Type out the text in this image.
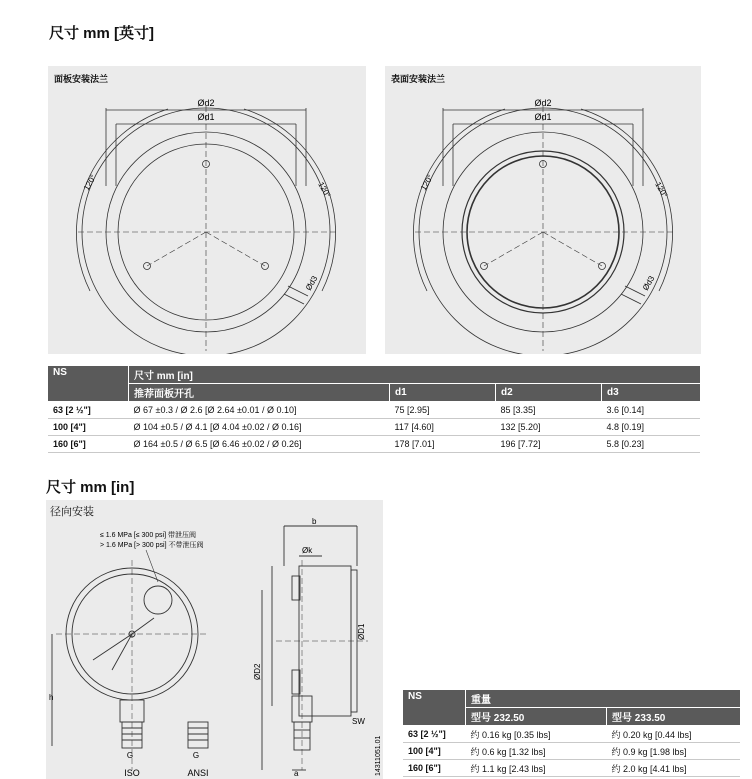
尺寸 mm [英寸]
面板安装法兰
Ød2
Ød1
120°	120°
Ød3
表面安装法兰
Ød2
Ød1
120°	120°
Ød3
NS	尺寸 mm [in]			
	推荐面板开孔	d1	d2	d3
63 [2 ½"]	Ø 67 ±0.3 / Ø 2.6 [Ø 2.64 ±0.01 / Ø 0.10]	75 [2.95]	85 [3.35]	3.6 [0.14]
100 [4"]	Ø 104 ±0.5 / Ø 4.1 [Ø 4.04 ±0.02 / Ø 0.16]	117 [4.60]	132 [5.20]	4.8 [0.19]
160 [6"]	Ø 164 ±0.5 / Ø 6.5 [Ø 6.46 ±0.02 / Ø 0.26]	178 [7.01]	196 [7.72]	5.8 [0.23]
尺寸 mm [in]
径向安装
≤ 1.6 MPa [≤ 300 psi] 带泄压阀
> 1.6 MPa [> 300 psi] 不带泄压阀
h
b
Øk
ØD1
ØD2
SW
a
G
ISO
G
ANSI	14311051.01
NS	重量	
	型号 232.50	型号 233.50
63 [2 ½"]	约 0.16 kg [0.35 lbs]	约 0.20 kg [0.44 lbs]
100 [4"]	约 0.6 kg [1.32 lbs]	约 0.9 kg [1.98 lbs]
160 [6"]	约 1.1 kg [2.43 lbs]	约 2.0 kg [4.41 lbs]
